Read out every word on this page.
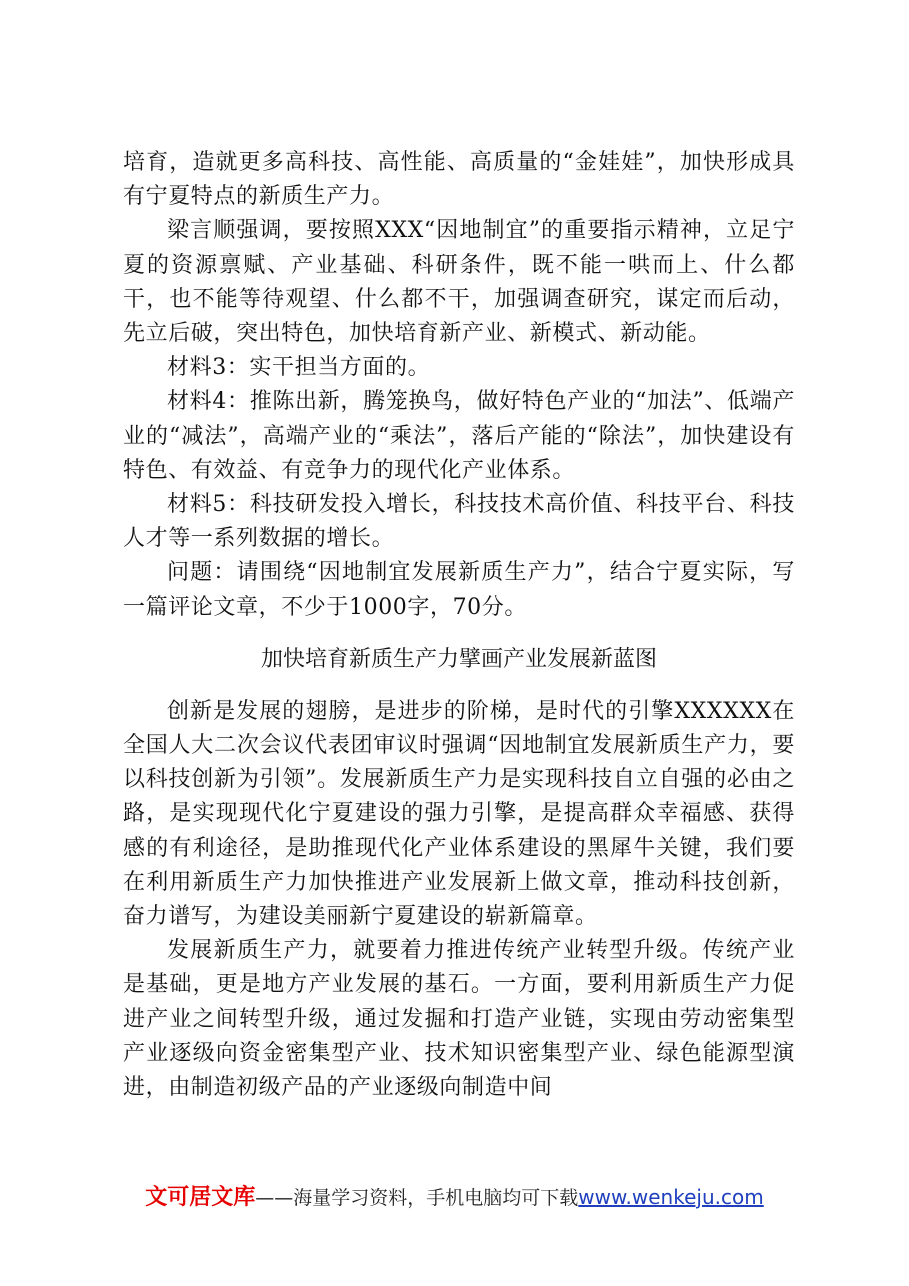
培育，造就更多高科技、高性能、高质量的“金娃娃”，加快形成具有宁夏特点的新质生产力。

梁言顺强调，要按照XXX“因地制宜”的重要指示精神，立足宁夏的资源禀赋、产业基础、科研条件，既不能一哄而上、什么都干，也不能等待观望、什么都不干，加强调查研究，谋定而后动，先立后破，突出特色，加快培育新产业、新模式、新动能。

材料3：实干担当方面的。

材料4：推陈出新，腾笼换鸟，做好特色产业的“加法”、低端产业的“减法”，高端产业的“乘法”，落后产能的“除法”，加快建设有特色、有效益、有竞争力的现代化产业体系。

材料5：科技研发投入增长，科技技术高价值、科技平台、科技人才等一系列数据的增长。

问题：请围绕“因地制宜发展新质生产力”，结合宁夏实际，写一篇评论文章，不少于1000字，70分。

加快培育新质生产力擘画产业发展新蓝图

创新是发展的翅膀，是进步的阶梯，是时代的引擎XXXXXX在全国人大二次会议代表团审议时强调“因地制宜发展新质生产力，要以科技创新为引领”。发展新质生产力是实现科技自立自强的必由之路，是实现现代化宁夏建设的强力引擎，是提高群众幸福感、获得感的有利途径，是助推现代化产业体系建设的黑犀牛关键，我们要在利用新质生产力加快推进产业发展新上做文章，推动科技创新，奋力谱写，为建设美丽新宁夏建设的崭新篇章。

发展新质生产力，就要着力推进传统产业转型升级。传统产业是基础，更是地方产业发展的基石。一方面，要利用新质生产力促进产业之间转型升级，通过发掘和打造产业链，实现由劳动密集型产业逐级向资金密集型产业、技术知识密集型产业、绿色能源型演进，由制造初级产品的产业逐级向制造中间

文可居文库——海量学习资料，手机电脑均可下载www.wenkeju.com
